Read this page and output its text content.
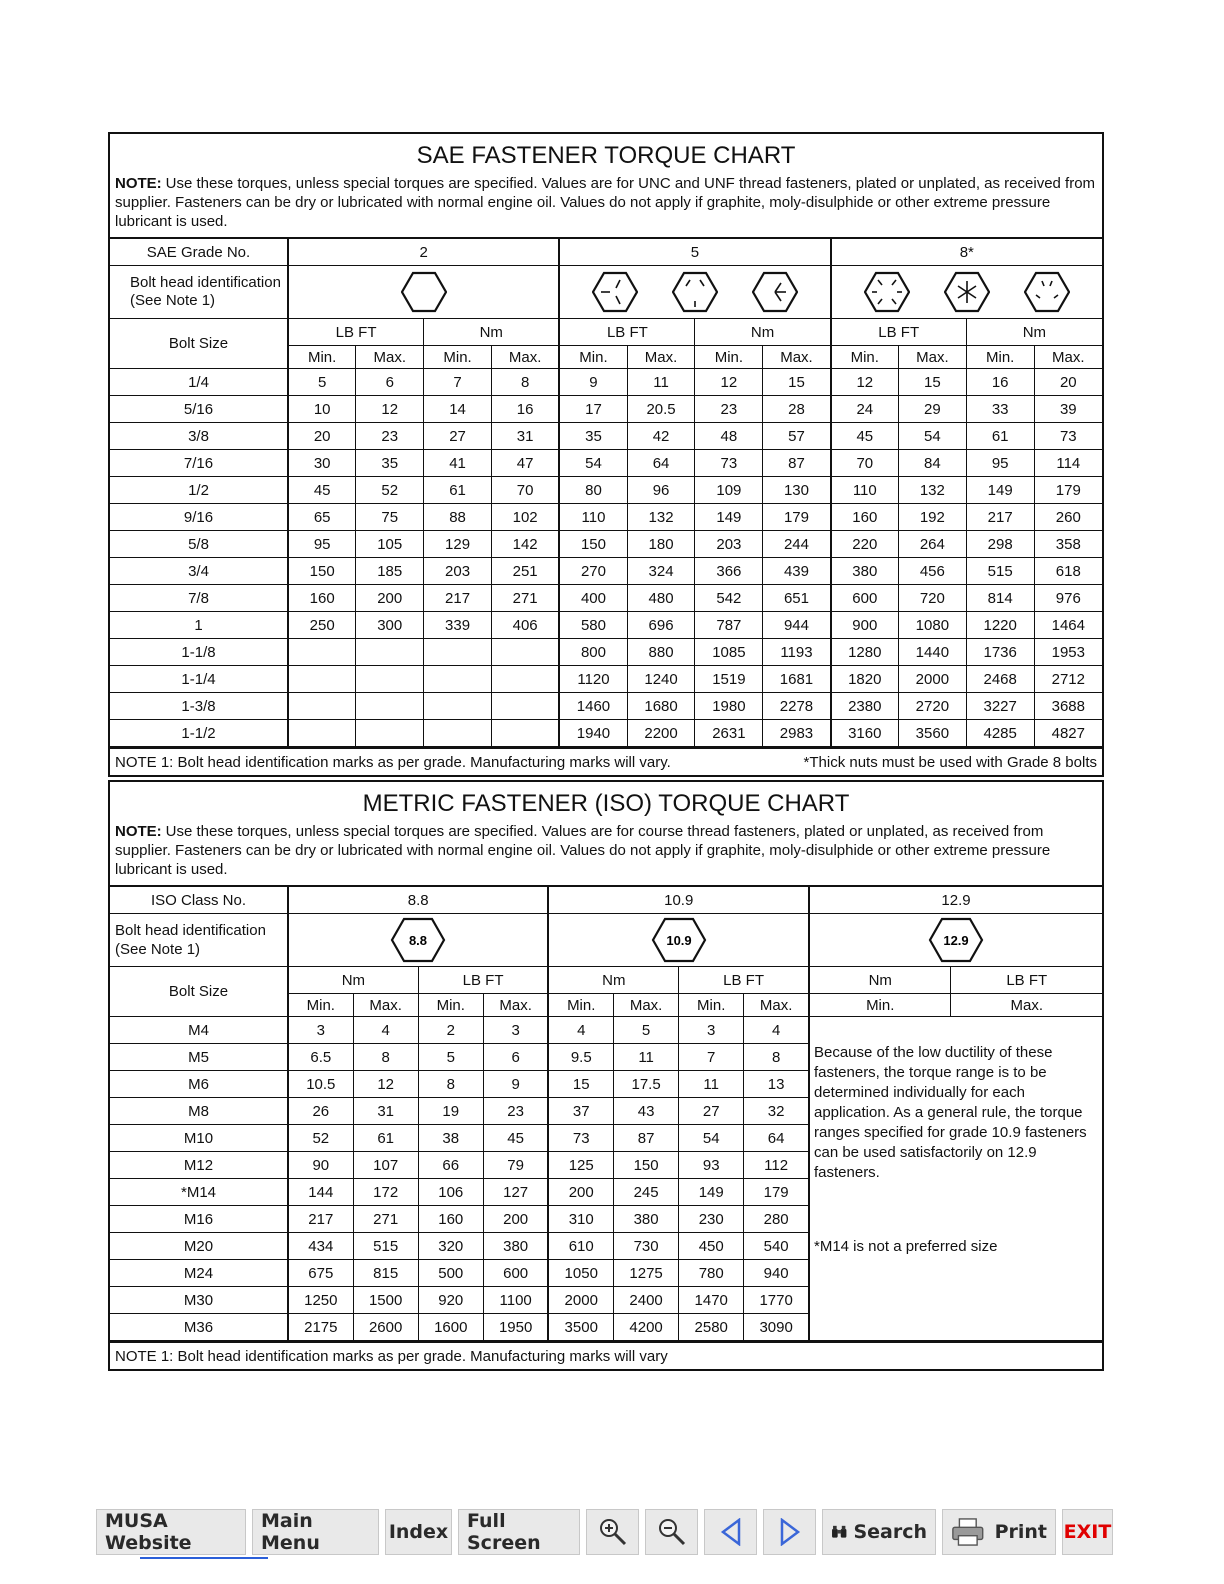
SAE FASTENER TORQUE CHART
NOTE: Use these torques, unless special torques are specified. Values are for UNC and UNF thread fasteners, plated or unplated, as received from supplier. Fasteners can be dry or lubricated with normal engine oil. Values do not apply if graphite, moly-disulphide or other extreme pressure lubricant is used.
SAE Grade No.	2				5				8*			
Bolt head identification (See Note 1)	

Bolt Size	LB FT		Nm		LB FT		Nm		LB FT		Nm	
	Min.	Max.	Min.	Max.	Min.	Max.	Min.	Max.	Min.	Max.	Min.	Max.
1/4	5	6	7	8	9	11	12	15	12	15	16	20
5/16	10	12	14	16	17	20.5	23	28	24	29	33	39
3/8	20	23	27	31	35	42	48	57	45	54	61	73
7/16	30	35	41	47	54	64	73	87	70	84	95	114
1/2	45	52	61	70	80	96	109	130	110	132	149	179
9/16	65	75	88	102	110	132	149	179	160	192	217	260
5/8	95	105	129	142	150	180	203	244	220	264	298	358
3/4	150	185	203	251	270	324	366	439	380	456	515	618
7/8	160	200	217	271	400	480	542	651	600	720	814	976
1	250	300	339	406	580	696	787	944	900	1080	1220	1464
1-1/8					800	880	1085	1193	1280	1440	1736	1953
1-1/4					1120	1240	1519	1681	1820	2000	2468	2712
1-3/8					1460	1680	1980	2278	2380	2720	3227	3688
1-1/2					1940	2200	2631	2983	3160	3560	4285	4827
NOTE 1: Bolt head identification marks as per grade. Manufacturing marks will vary.	*Thick nuts must be used with Grade 8 bolts
METRIC FASTENER (ISO) TORQUE CHART
NOTE: Use these torques, unless special torques are specified. Values are for course thread fasteners, plated or unplated, as received from supplier. Fasteners can be dry or lubricated with normal engine oil. Values do not apply if graphite, moly-disulphide or other extreme pressure lubricant is used.
ISO Class No.	8.8				10.9				12.9	
Bolt head identification (See Note 1)	8.8				10.9				12.9	

Bolt Size	Nm		LB FT		Nm		LB FT		Nm	LB FT
	Min.	Max.	Min.	Max.	Min.	Max.	Min.	Max.	Min.	Max.
M4	3	4	2	3	4	5	3	4	Because of the low ductility of these fasteners, the torque range is to be determined individually for each application. As a general rule, the torque ranges specified for grade 10.9 fasteners can be used satisfactorily on 12.9 fasteners.
*M14 is not a preferred size	

M5	6.5	8	5	6	9.5	11	7	8		
M6	10.5	12	8	9	15	17.5	11	13		
M8	26	31	19	23	37	43	27	32		
M10	52	61	38	45	73	87	54	64		
M12	90	107	66	79	125	150	93	112		
*M14	144	172	106	127	200	245	149	179		
M16	217	271	160	200	310	380	230	280		
M20	434	515	320	380	610	730	450	540		
M24	675	815	500	600	1050	1275	780	940		
M30	1250	1500	920	1100	2000	2400	1470	1770		
M36	2175	2600	1600	1950	3500	4200	2580	3090		
NOTE 1: Bolt head identification marks as per grade. Manufacturing marks will vary
MUSA Website
Main Menu	Index Full Screen	Search	Print EXIT
